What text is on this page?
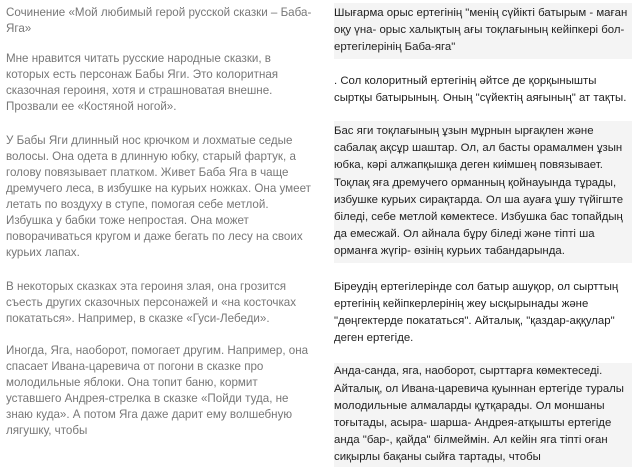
Сочинение «Мой любимый герой русской сказки – Баба-Яга»

Мне нравится читать русские народные сказки, в которых есть персонаж Бабы Яги. Это колоритная сказочная героиня, хотя и страшноватая внешне. Прозвали ее «Костяной ногой».

У Бабы Яги длинный нос крючком и лохматые седые волосы. Она одета в длинную юбку, старый фартук, а голову повязывает платком. Живет Баба Яга в чаще дремучего леса, в избушке на курьих ножках. Она умеет летать по воздуху в ступе, помогая себе метлой. Избушка у бабки тоже непростая. Она может поворачиваться кругом и даже бегать по лесу на своих курьих лапах.

В некоторых сказках эта героиня злая, она грозится съесть других сказочных персонажей и «на косточках покататься». Например, в сказке «Гуси-Лебеди».

Иногда, Яга, наоборот, помогает другим. Например, она спасает Ивана-царевича от погони в сказке про молодильные яблоки. Она топит баню, кормит уставшего Андрея-стрелка в сказке «Пойди туда, не знаю куда». А потом Яга даже дарит ему волшебную лягушку, чтобы

Шығарма орыс ертегінің "менің сүйікті батырым - маған оқу үна- орыс халықтың ағы тоқлағының кейіпкері бол- ертегілерінің Баба-яга"

. Сол колоритный ертегінің әйтсе де қорқынышты сыртқы батырының. Оның "сүйектің аяғының" ат тақты.

Бас яги тоқлағының ұзын мұрнын ырғақлен және сабалақ ақсұр шаштар. Ол, ал басты орамалмен ұзын юбка, кәрі алжапқышқа деген киімшең повязывает. Тоқлақ яға дремучего орманның қойнауында тұрады, избушке курьих сирақтарда. Ол ша ауаға ұшу түйігште біледі, себе метлой көмектесе. Избушка бас топайдың да емесжай. Ол айнала бұру біледі және тіпті ша орманға жүгір- өзінің курьих табандарында.

Біреудің ертегілерінде сол батыр ашуқор, ол сырттың ертегінің кейіпкерлерінің жеу ысқырынады және "дөңгектерде покататься". Айталық, "қаздар-аққулар" деген ертегіде.

Анда-санда, яга, наоборот, сырттарға көмектеседі. Айталық, ол Ивана-царевича қуыннан ертегіде туралы молодильные алмаларды құтқарады. Ол моншаны тоғытады, асыра- шарша- Андрея-атқышты ертегіде анда "бар-, қайда" білмеймін. Ал кейін яга тіпті оған сиқырлы бақаны сыйға тартады, чтобы
